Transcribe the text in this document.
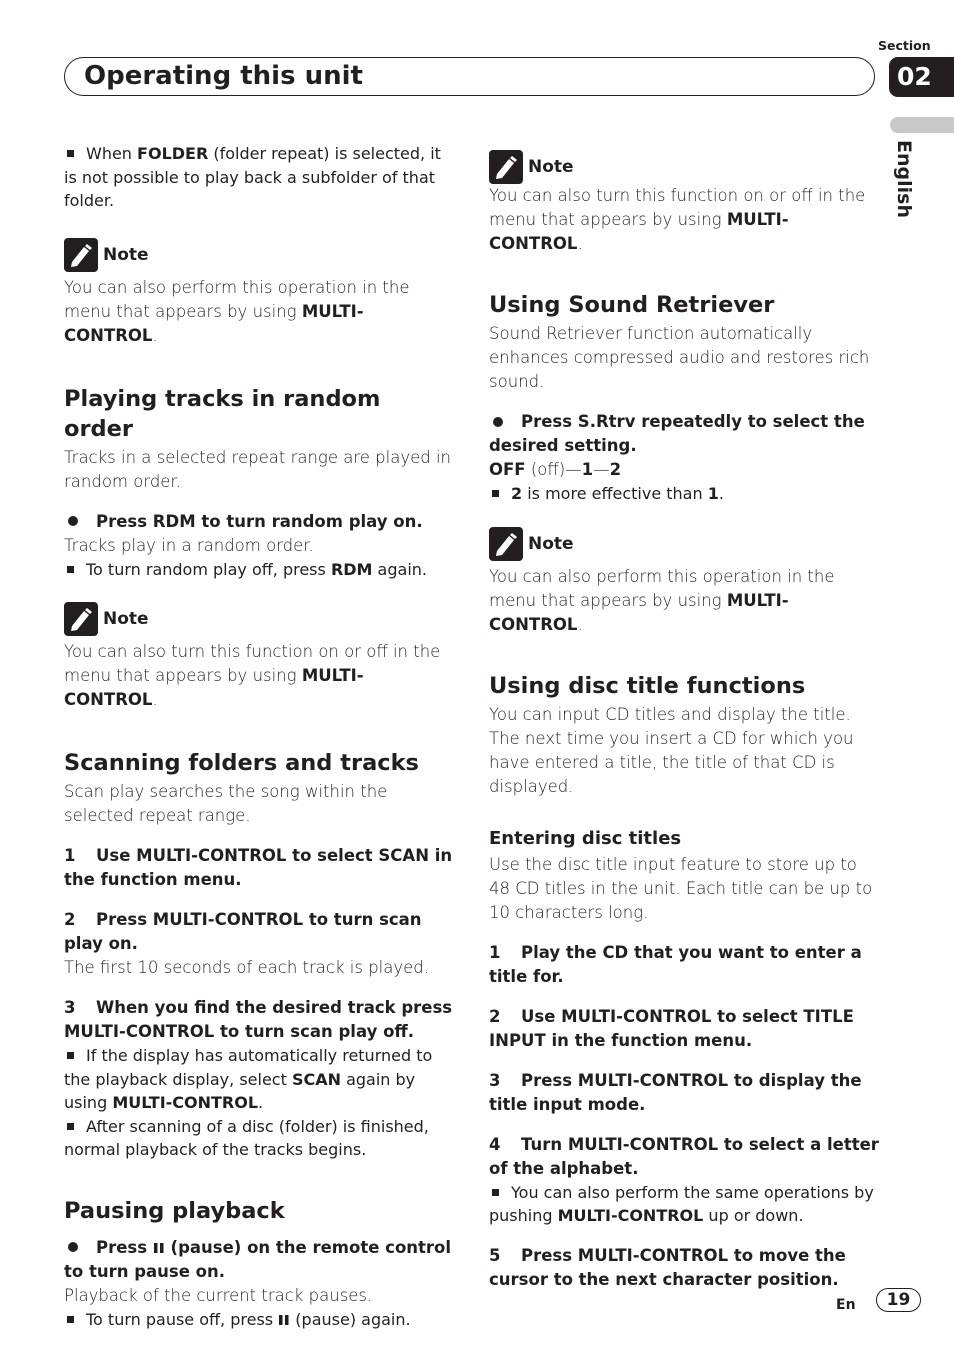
Section
02
Operating this unit
English

When FOLDER (folder repeat) is selected, it is not possible to play back a subfolder of that folder.

Note

You can also perform this operation in the menu that appears by using MULTI-CONTROL.

Playing tracks in random order

Tracks in a selected repeat range are played in random order.

Press RDM to turn random play on.

Tracks play in a random order.

To turn random play off, press RDM again.

Note

You can also turn this function on or off in the menu that appears by using MULTI-CONTROL.

Scanning folders and tracks

Scan play searches the song within the selected repeat range.

1 Use MULTI-CONTROL to select SCAN in the function menu.

2 Press MULTI-CONTROL to turn scan play on.

The first 10 seconds of each track is played.

3 When you find the desired track press MULTI-CONTROL to turn scan play off.

If the display has automatically returned to the playback display, select SCAN again by using MULTI-CONTROL.

After scanning of a disc (folder) is finished, normal playback of the tracks begins.

Pausing playback

Press  (pause) on the remote control to turn pause on.

Playback of the current track pauses.

To turn pause off, press  (pause) again.

Note

You can also turn this function on or off in the menu that appears by using MULTI-CONTROL.

Using Sound Retriever

Sound Retriever function automatically enhances compressed audio and restores rich sound.

Press S.Rtrv repeatedly to select the desired setting.

OFF (off)—1—2

2 is more effective than 1.

Note

You can also perform this operation in the menu that appears by using MULTI-CONTROL.

Using disc title functions

You can input CD titles and display the title. The next time you insert a CD for which you have entered a title, the title of that CD is displayed.

Entering disc titles

Use the disc title input feature to store up to 48 CD titles in the unit. Each title can be up to 10 characters long.

1 Play the CD that you want to enter a title for.

2 Use MULTI-CONTROL to select TITLE INPUT in the function menu.

3 Press MULTI-CONTROL to display the title input mode.

4 Turn MULTI-CONTROL to select a letter of the alphabet.

You can also perform the same operations by pushing MULTI-CONTROL up or down.

5 Press MULTI-CONTROL to move the cursor to the next character position.

En	19
